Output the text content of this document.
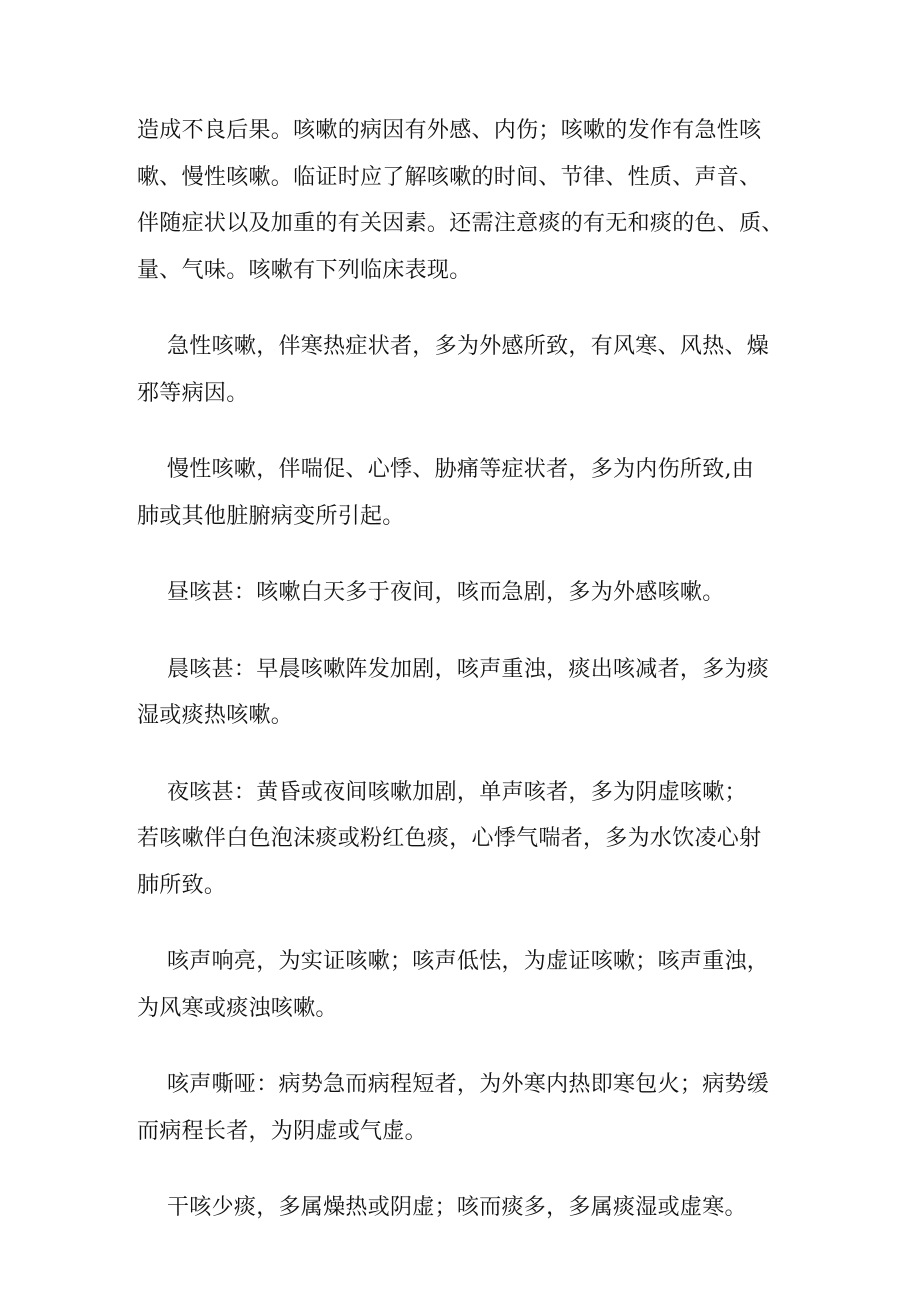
造成不良后果。咳嗽的病因有外感、内伤；咳嗽的发作有急性咳
嗽、慢性咳嗽。临证时应了解咳嗽的时间、节律、性质、声音、
伴随症状以及加重的有关因素。还需注意痰的有无和痰的色、质、
量、气味。咳嗽有下列临床表现。

急性咳嗽，伴寒热症状者，多为外感所致，有风寒、风热、燥
邪等病因。

慢性咳嗽，伴喘促、心悸、胁痛等症状者，多为内伤所致,由
肺或其他脏腑病变所引起。

昼咳甚：咳嗽白天多于夜间，咳而急剧，多为外感咳嗽。

晨咳甚：早晨咳嗽阵发加剧，咳声重浊，痰出咳减者，多为痰
湿或痰热咳嗽。

夜咳甚：黄昏或夜间咳嗽加剧，单声咳者，多为阴虚咳嗽；
若咳嗽伴白色泡沫痰或粉红色痰，心悸气喘者，多为水饮凌心射
肺所致。

咳声响亮，为实证咳嗽；咳声低怯，为虚证咳嗽；咳声重浊，
为风寒或痰浊咳嗽。

咳声嘶哑：病势急而病程短者，为外寒内热即寒包火；病势缓
而病程长者，为阴虚或气虚。

干咳少痰，多属燥热或阴虚；咳而痰多，多属痰湿或虚寒。
